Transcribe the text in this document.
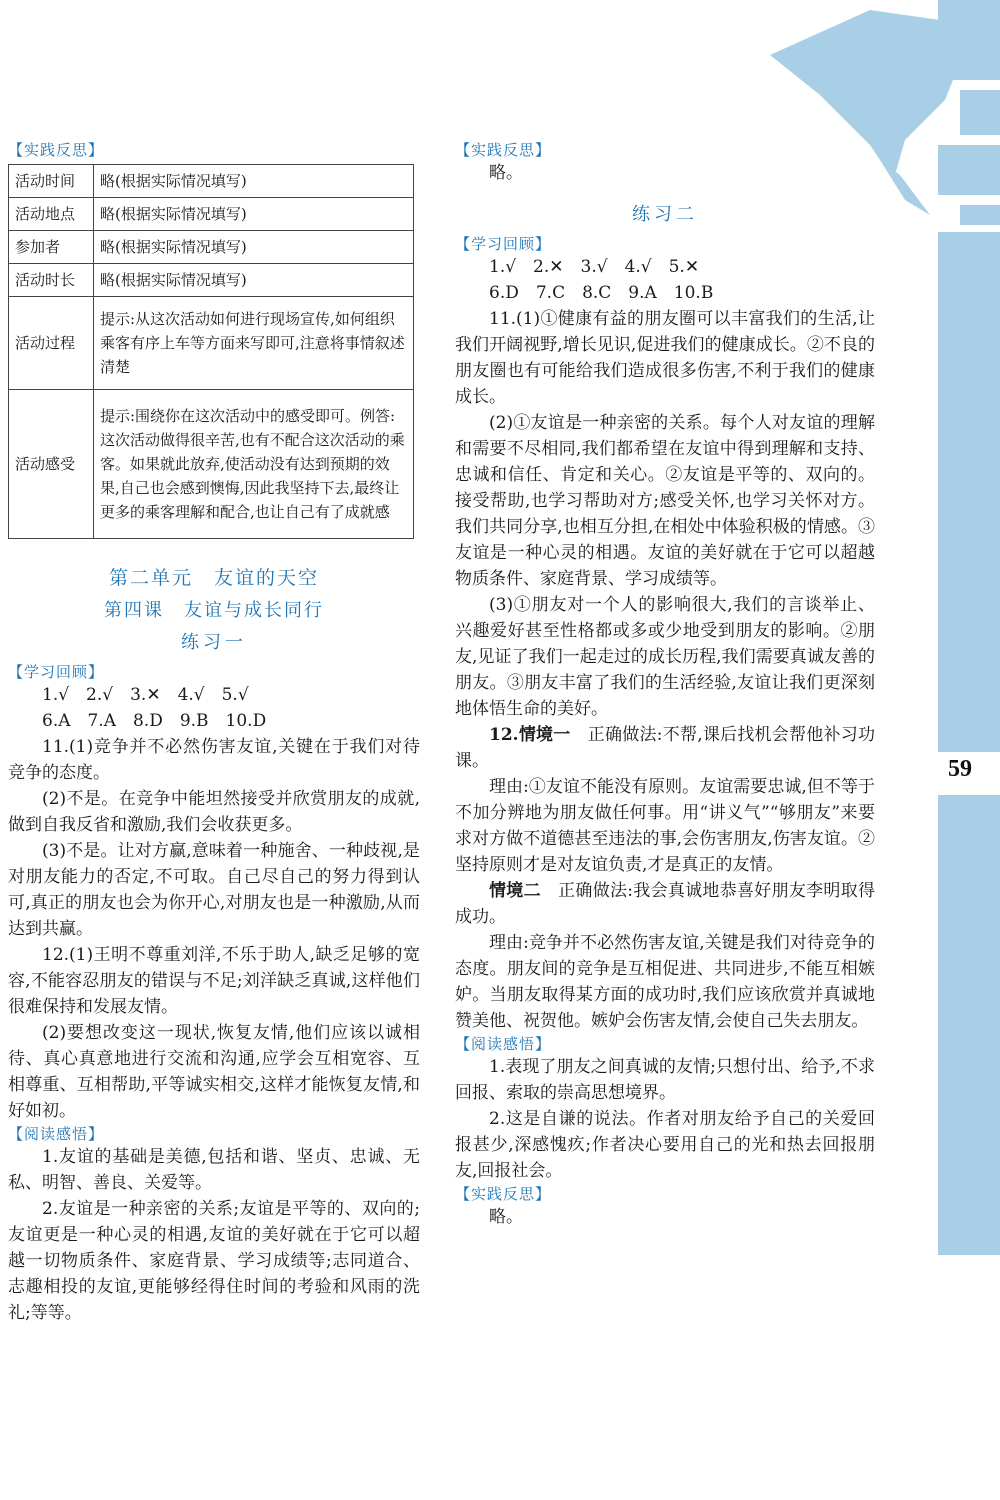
59
【实践反思】
活动时间	略(根据实际情况填写)
活动地点	略(根据实际情况填写)
参加者	略(根据实际情况填写)
活动时长	略(根据实际情况填写)
活动过程	提示:从这次活动如何进行现场宣传,如何组织乘客有序上车等方面来写即可,注意将事情叙述清楚
活动感受	提示:围绕你在这次活动中的感受即可。例答:这次活动做得很辛苦,也有不配合这次活动的乘客。如果就此放弃,使活动没有达到预期的效果,自己也会感到懊悔,因此我坚持下去,最终让更多的乘客理解和配合,也让自己有了成就感
第二单元　友谊的天空
第四课　友谊与成长同行
练习一
【学习回顾】

1.√　2.√　3.✕　4.√　5.√

6.A　7.A　8.D　9.B　10.D

11.(1)竞争并不必然伤害友谊,关键在于我们对待竞争的态度。

(2)不是。在竞争中能坦然接受并欣赏朋友的成就,做到自我反省和激励,我们会收获更多。

(3)不是。让对方赢,意味着一种施舍、一种歧视,是对朋友能力的否定,不可取。自己尽自己的努力得到认可,真正的朋友也会为你开心,对朋友也是一种激励,从而达到共赢。

12.(1)王明不尊重刘洋,不乐于助人,缺乏足够的宽容,不能容忍朋友的错误与不足;刘洋缺乏真诚,这样他们很难保持和发展友情。

(2)要想改变这一现状,恢复友情,他们应该以诚相待、真心真意地进行交流和沟通,应学会互相宽容、互相尊重、互相帮助,平等诚实相交,这样才能恢复友情,和好如初。

【阅读感悟】

1.友谊的基础是美德,包括和谐、坚贞、忠诚、无私、明智、善良、关爱等。

2.友谊是一种亲密的关系;友谊是平等的、双向的;友谊更是一种心灵的相遇,友谊的美好就在于它可以超越一切物质条件、家庭背景、学习成绩等;志同道合、志趣相投的友谊,更能够经得住时间的考验和风雨的洗礼;等等。

【实践反思】

略。

练习二
【学习回顾】

1.√　2.✕　3.√　4.√　5.✕

6.D　7.C　8.C　9.A　10.B

11.(1)①健康有益的朋友圈可以丰富我们的生活,让我们开阔视野,增长见识,促进我们的健康成长。②不良的朋友圈也有可能给我们造成很多伤害,不利于我们的健康成长。

(2)①友谊是一种亲密的关系。每个人对友谊的理解和需要不尽相同,我们都希望在友谊中得到理解和支持、忠诚和信任、肯定和关心。②友谊是平等的、双向的。接受帮助,也学习帮助对方;感受关怀,也学习关怀对方。我们共同分享,也相互分担,在相处中体验积极的情感。③友谊是一种心灵的相遇。友谊的美好就在于它可以超越物质条件、家庭背景、学习成绩等。

(3)①朋友对一个人的影响很大,我们的言谈举止、兴趣爱好甚至性格都或多或少地受到朋友的影响。②朋友,见证了我们一起走过的成长历程,我们需要真诚友善的朋友。③朋友丰富了我们的生活经验,友谊让我们更深刻地体悟生命的美好。

12.情境一　正确做法:不帮,课后找机会帮他补习功课。

理由:①友谊不能没有原则。友谊需要忠诚,但不等于不加分辨地为朋友做任何事。用“讲义气”“够朋友”来要求对方做不道德甚至违法的事,会伤害朋友,伤害友谊。②坚持原则才是对友谊负责,才是真正的友情。

情境二　正确做法:我会真诚地恭喜好朋友李明取得成功。

理由:竞争并不必然伤害友谊,关键是我们对待竞争的态度。朋友间的竞争是互相促进、共同进步,不能互相嫉妒。当朋友取得某方面的成功时,我们应该欣赏并真诚地赞美他、祝贺他。嫉妒会伤害友情,会使自己失去朋友。

【阅读感悟】

1.表现了朋友之间真诚的友情;只想付出、给予,不求回报、索取的崇高思想境界。

2.这是自谦的说法。作者对朋友给予自己的关爱回报甚少,深感愧疚;作者决心要用自己的光和热去回报朋友,回报社会。

【实践反思】

略。
